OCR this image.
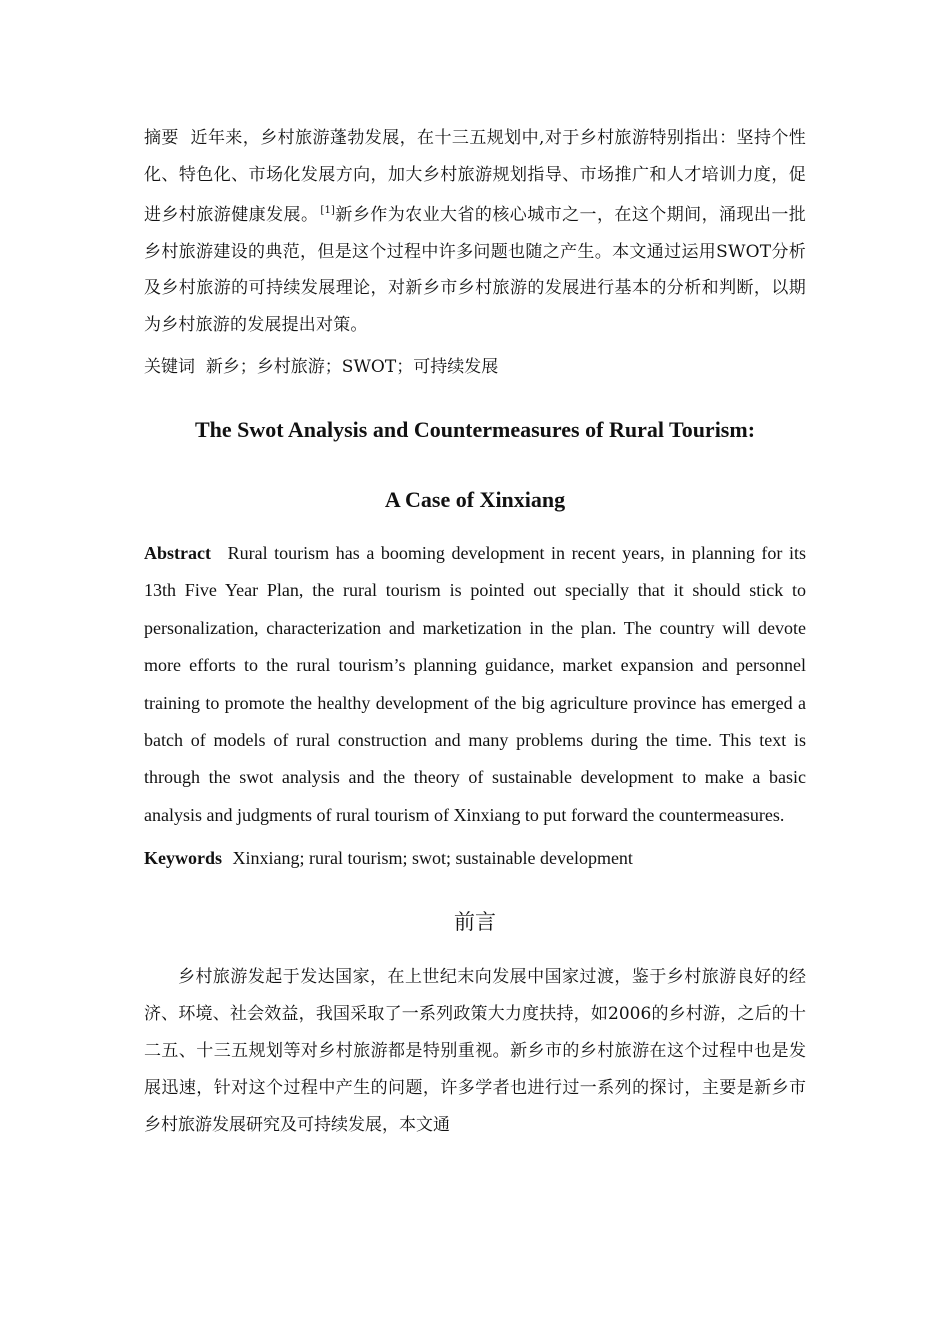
摘要 近年来，乡村旅游蓬勃发展，在十三五规划中,对于乡村旅游特别指出：坚持个性化、特色化、市场化发展方向，加大乡村旅游规划指导、市场推广和人才培训力度，促进乡村旅游健康发展。 [1]新乡作为农业大省的核心城市之一，在这个期间，涌现出一批乡村旅游建设的典范，但是这个过程中许多问题也随之产生。本文通过运用SWOT分析及乡村旅游的可持续发展理论，对新乡市乡村旅游的发展进行基本的分析和判断，以期为乡村旅游的发展提出对策。

关键词 新乡；乡村旅游；SWOT；可持续发展

The Swot Analysis and Countermeasures of Rural Tourism:
A Case of Xinxiang

Abstract Rural tourism has a booming development in recent years, in planning for its 13th Five Year Plan, the rural tourism is pointed out specially that it should stick to personalization, characterization and marketization in the plan. The country will devote more efforts to the rural tourism’s planning guidance, market expansion and personnel training to promote the healthy development of the big agriculture province has emerged a batch of models of rural construction and many problems during the time. This text is through the swot analysis and the theory of sustainable development to make a basic analysis and judgments of rural tourism of Xinxiang to put forward the countermeasures.

Keywords Xinxiang; rural tourism; swot; sustainable development

前言

乡村旅游发起于发达国家，在上世纪末向发展中国家过渡，鉴于乡村旅游良好的经济、环境、社会效益，我国采取了一系列政策大力度扶持，如2006的乡村游，之后的十二五、十三五规划等对乡村旅游都是特别重视。新乡市的乡村旅游在这个过程中也是发展迅速，针对这个过程中产生的问题，许多学者也进行过一系列的探讨，主要是新乡市乡村旅游发展研究及可持续发展，本文通
